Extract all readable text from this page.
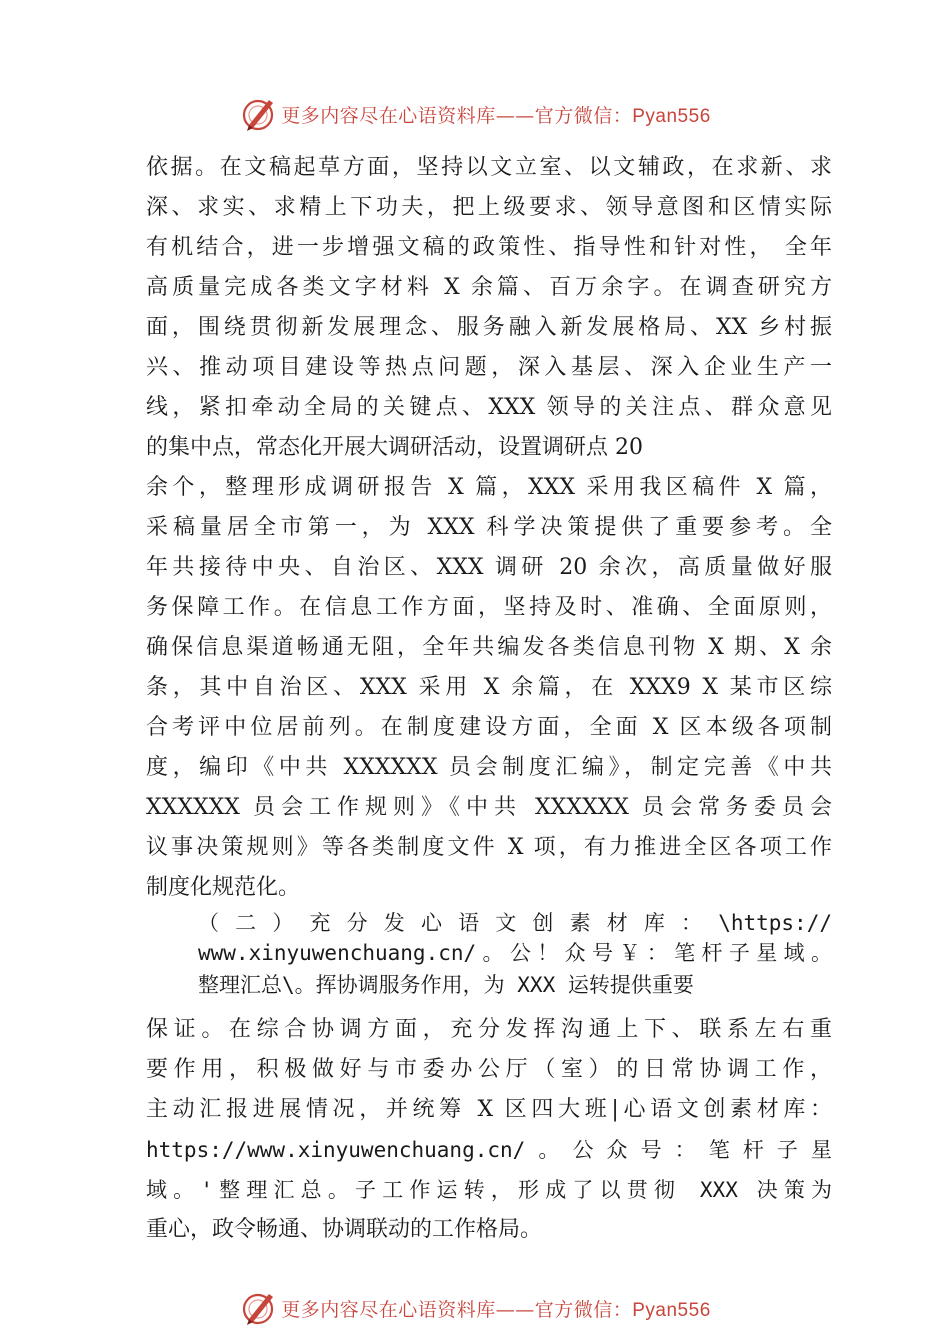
更多内容尽在心语资料库——官方微信：Pyan556
依据。在文稿起草方面，坚持以文立室、以文辅政，在求新、求
深、求实、求精上下功夫，把上级要求、领导意图和区情实际
有机结合，进一步增强文稿的政策性、指导性和针对性， 全年
高质量完成各类文字材料 X 余篇、百万余字。在调查研究方
面，围绕贯彻新发展理念、服务融入新发展格局、XX 乡村振
兴、推动项目建设等热点问题，深入基层、深入企业生产一
线，紧扣牵动全局的关键点、XXX 领导的关注点、群众意见
的集中点，常态化开展大调研活动，设置调研点 20
余个，整理形成调研报告 X 篇，XXX 采用我区稿件 X 篇，
采稿量居全市第一，为 XXX 科学决策提供了重要参考。全
年共接待中央、自治区、XXX 调研 20 余次，高质量做好服
务保障工作。在信息工作方面，坚持及时、准确、全面原则，
确保信息渠道畅通无阻，全年共编发各类信息刊物 X 期、X 余
条，其中自治区、XXX 采用 X 余篇，在 XXX9 X 某市区综
合考评中位居前列。在制度建设方面，全面 X 区本级各项制
度，编印《中共 XXXXXX 员会制度汇编》，制定完善《中共
XXXXXX 员会工作规则》《中共 XXXXXX 员会常务委员会
议事决策规则》等各类制度文件 X 项，有力推进全区各项工作
制度化规范化。
（二）充分发心语文创素材库：\https://
www.xinyuwenchuang.cn/。公！众号￥：笔杆子星域。
整理汇总\。挥协调服务作用，为 XXX 运转提供重要
保证。在综合协调方面，充分发挥沟通上下、联系左右重
要作用，积极做好与市委办公厅（室）的日常协调工作，
主动汇报进展情况，并统筹 X 区四大班|心语文创素材库：
https://www.xinyuwenchuang.cn/。公众号：笔杆子星
域。'整理汇总。子工作运转，形成了以贯彻 XXX 决策为
重心，政令畅通、协调联动的工作格局。
更多内容尽在心语资料库——官方微信：Pyan556
